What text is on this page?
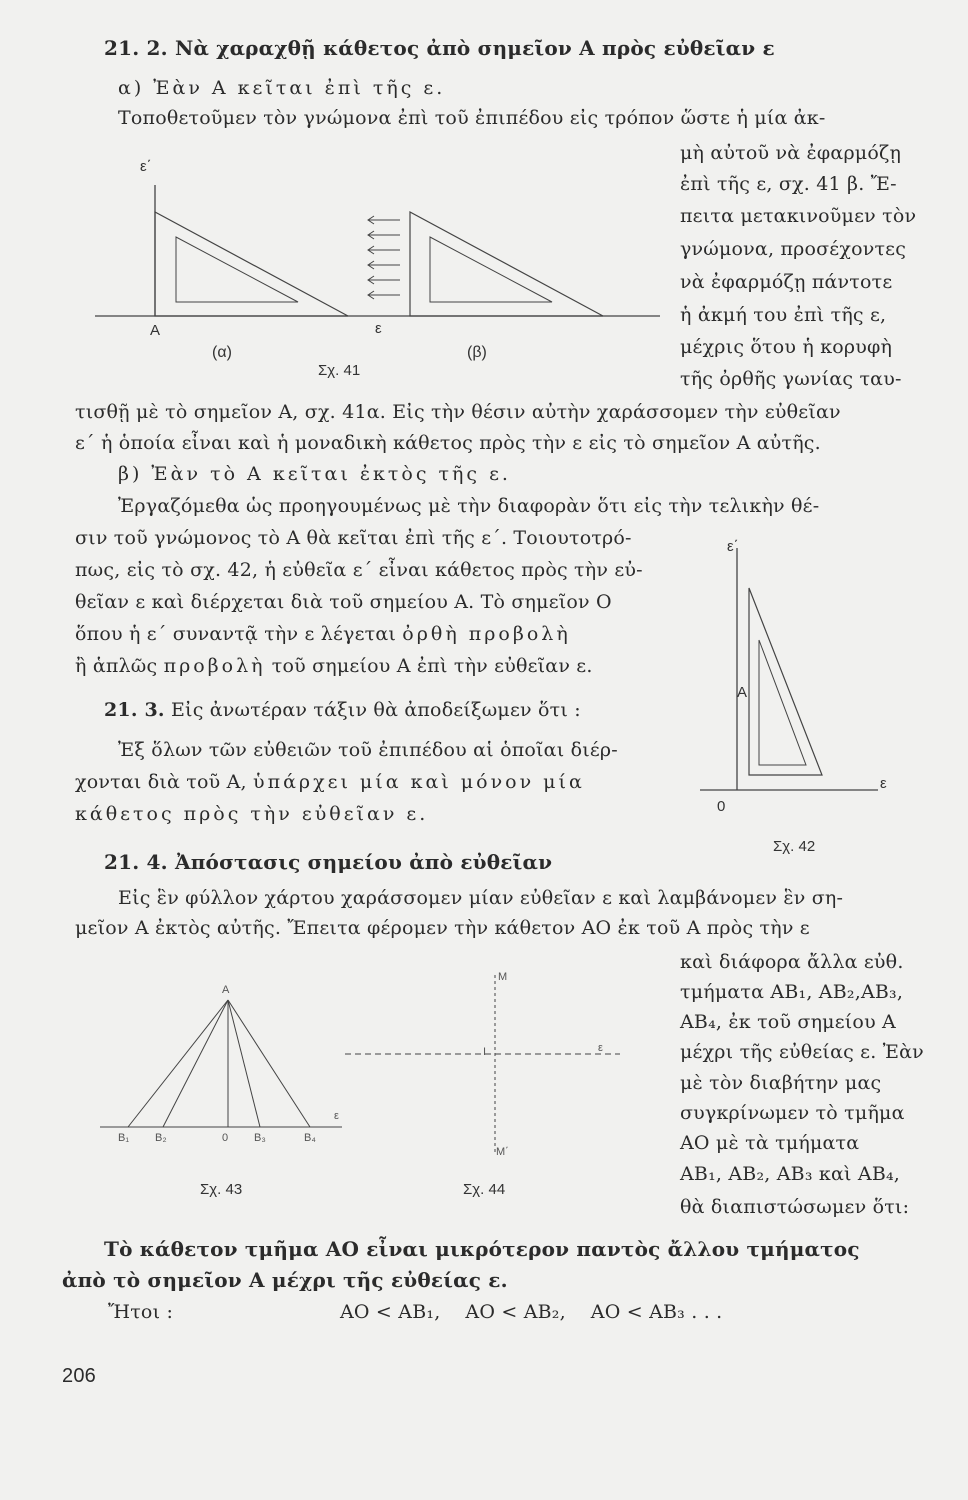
21. 2. Νὰ χαραχθῇ κάθετος ἀπὸ σημεῖον Α πρὸς εὐθεῖαν ε
α) Ἐὰν Α κεῖται ἐπὶ τῆς ε.
Τοποθετοῦμεν τὸν γνώμονα ἐπὶ τοῦ ἐπιπέδου εἰς τρόπον ὥστε ἡ μία ἀκ-
μὴ αὐτοῦ νὰ ἐφαρμόζῃ
ἐπὶ τῆς ε, σχ. 41 β. Ἔ-
πειτα μετακινοῦμεν τὸν
γνώμονα, προσέχοντες
νὰ ἐφαρμόζῃ πάντοτε
ἡ ἀκμή του ἐπὶ τῆς ε,
μέχρις ὅτου ἡ κορυφὴ
τῆς ὀρθῆς γωνίας ταυ-
τισθῇ μὲ τὸ σημεῖον Α, σχ. 41α. Εἰς τὴν θέσιν αὐτὴν χαράσσομεν τὴν εὐθεῖαν
ε΄ ἡ ὁποία εἶναι καὶ ἡ μοναδικὴ κάθετος πρὸς τὴν ε εἰς τὸ σημεῖον Α αὐτῆς.
β) Ἐὰν τὸ Α κεῖται ἐκτὸς τῆς ε.
Ἐργαζόμεθα ὡς προηγουμένως μὲ τὴν διαφορὰν ὅτι εἰς τὴν τελικὴν θέ-
σιν τοῦ γνώμονος τὸ Α θὰ κεῖται ἐπὶ τῆς ε΄. Τοιουτοτρό-
πως, εἰς τὸ σχ. 42, ἡ εὐθεῖα ε΄ εἶναι κάθετος πρὸς τὴν εὐ-
θεῖαν ε καὶ διέρχεται διὰ τοῦ σημείου Α. Τὸ σημεῖον Ο
ὅπου ἡ ε΄ συναντᾷ τὴν ε λέγεται ὀρθὴ προβολὴ
ἢ ἁπλῶς προβολὴ τοῦ σημείου Α ἐπὶ τὴν εὐθεῖαν ε.
21. 3. Εἰς ἀνωτέραν τάξιν θὰ ἀποδείξωμεν ὅτι :
Ἐξ ὅλων τῶν εὐθειῶν τοῦ ἐπιπέδου αἱ ὁποῖαι διέρ-
χονται διὰ τοῦ Α, ὑπάρχει μία καὶ μόνον μία
κάθετος πρὸς τὴν εὐθεῖαν ε.
21. 4. Ἀπόστασις σημείου ἀπὸ εὐθεῖαν
Εἰς ἓν φύλλον χάρτου χαράσσομεν μίαν εὐθεῖαν ε καὶ λαμβάνομεν ἓν ση-
μεῖον Α ἐκτὸς αὐτῆς. Ἔπειτα φέρομεν τὴν κάθετον ΑΟ ἐκ τοῦ Α πρὸς τὴν ε
καὶ διάφορα ἄλλα εὐθ.
τμήματα ΑΒ₁, ΑΒ₂,ΑΒ₃,
ΑΒ₄, ἐκ τοῦ σημείου Α
μέχρι τῆς εὐθείας ε. Ἐὰν
μὲ τὸν διαβήτην μας
συγκρίνωμεν τὸ τμῆμα
ΑΟ μὲ τὰ τμήματα
ΑΒ₁, ΑΒ₂, ΑΒ₃ καὶ ΑΒ₄,
θὰ διαπιστώσωμεν ὅτι:
Τὸ κάθετον τμῆμα ΑΟ εἶναι μικρότερον παντὸς ἄλλου τμήματος
ἀπὸ τὸ σημεῖον Α μέχρι τῆς εὐθείας ε.
Ἤτοι :	ΑΟ < ΑΒ₁,    ΑΟ < ΑΒ₂,    ΑΟ < ΑΒ₃ . . .
ε΄
Α	ε
(α)	(β)
Σχ. 41
ε΄
Α
0
ε
Σχ. 42
Α
Β₁ Β₂	0 Β₃	Β₄
ε
Σχ. 43
Μ
Ι	ε
Μ΄
Σχ. 44
206
